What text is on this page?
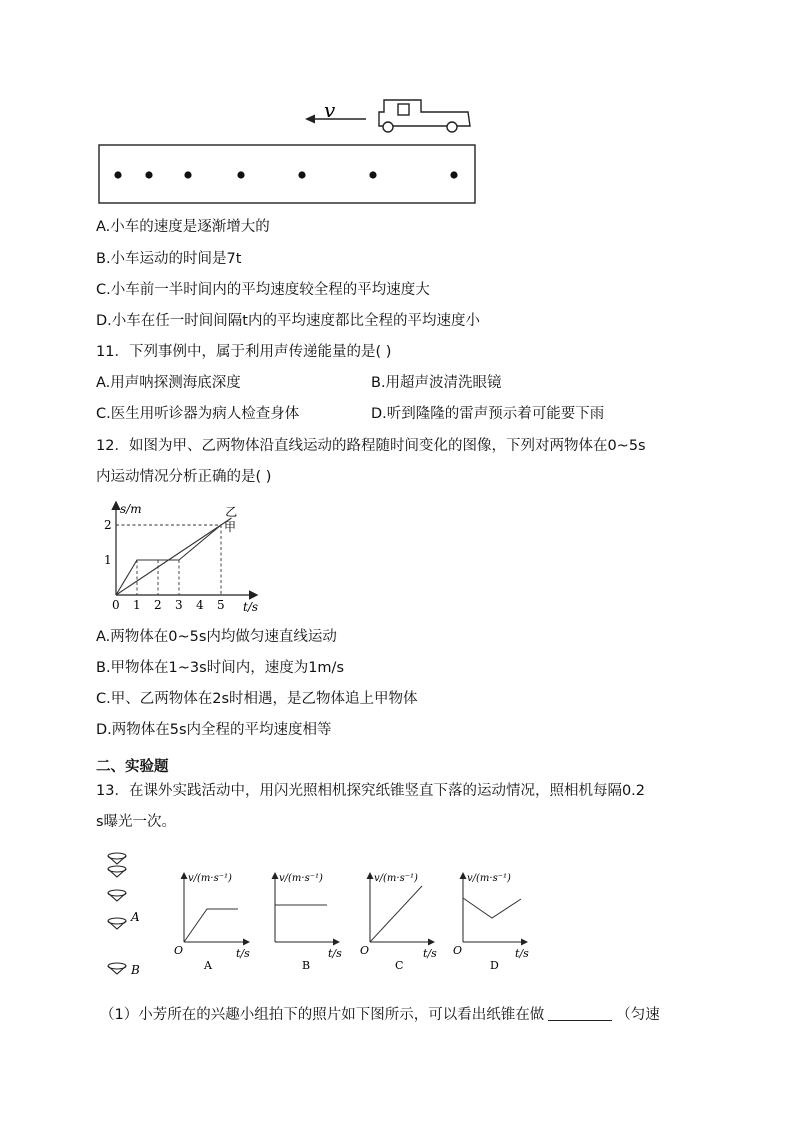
v
A.小车的速度是逐渐增大的
B.小车运动的时间是7t
C.小车前一半时间内的平均速度较全程的平均速度大
D.小车在任一时间间隔t内的平均速度都比全程的平均速度小
11．下列事例中，属于利用声传递能量的是( )
A.用声呐探测海底深度	B.用超声波清洗眼镜
C.医生用听诊器为病人检查身体	D.听到隆隆的雷声预示着可能要下雨
12．如图为甲、乙两物体沿直线运动的路程随时间变化的图像，下列对两物体在0~5s
内运动情况分析正确的是( )
s/m
t/s
0 1 2 3 4 5
1
2	甲
乙
A.两物体在0~5s内均做匀速直线运动
B.甲物体在1~3s时间内，速度为1m/s
C.甲、乙两物体在2s时相遇，是乙物体追上甲物体
D.两物体在5s内全程的平均速度相等
二、实验题
13．在课外实践活动中，用闪光照相机探究纸锥竖直下落的运动情况，照相机每隔0.2
s曝光一次。
A
B
v/(m·s⁻¹)
O	t/s
A
v/(m·s⁻¹)
t/s
B
v/(m·s⁻¹)
O	t/s
C
v/(m·s⁻¹)
O	t/s
D
（1）小芳所在的兴趣小组拍下的照片如下图所示，可以看出纸锥在做	（匀速
